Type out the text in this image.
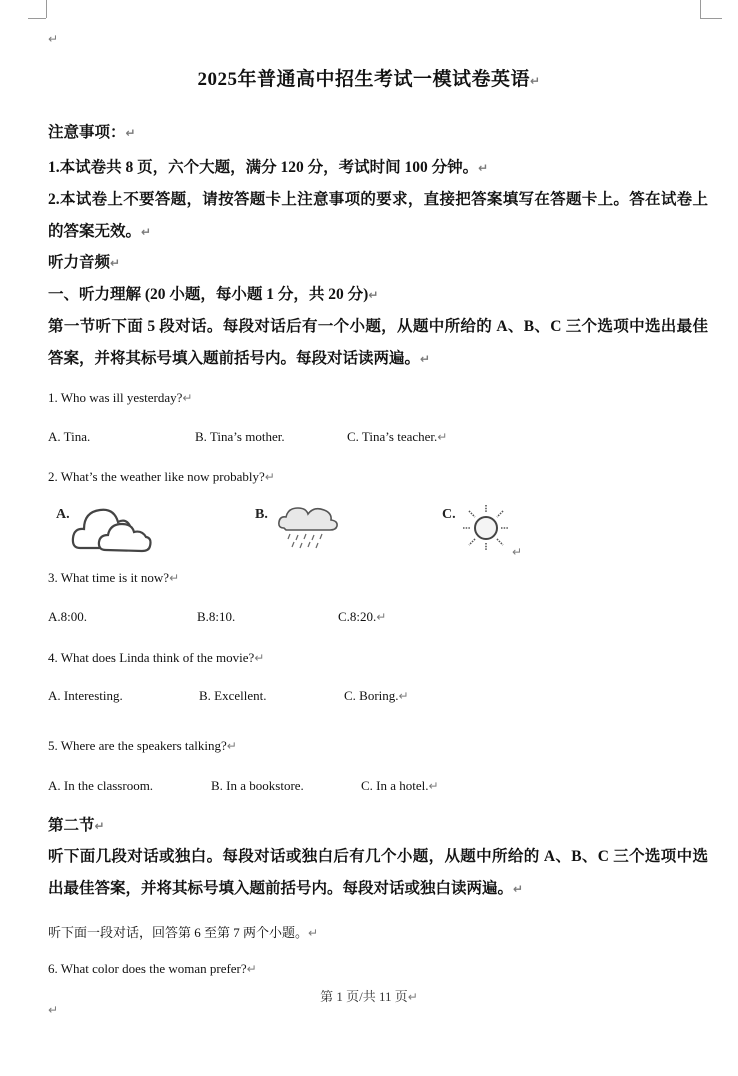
↵
2025年普通高中招生考试一模试卷英语↵
注意事项：↵
1.本试卷共 8 页，六个大题，满分 120 分，考试时间 100 分钟。↵
2.本试卷上不要答题，请按答题卡上注意事项的要求，直接把答案填写在答题卡上。答在试卷上的答案无效。↵
听力音频↵
一、听力理解 (20 小题，每小题 1 分，共 20 分)↵
第一节听下面 5 段对话。每段对话后有一个小题，从题中所给的 A、B、C 三个选项中选出最佳答案，并将其标号填入题前括号内。每段对话读两遍。↵
1. Who was ill yesterday?↵
A. Tina.	B. Tina’s mother.	C. Tina’s teacher.↵
2. What’s the weather like now probably?↵
A.	B.	C.
↵
3. What time is it now?↵
A.8:00.	B.8:10.	C.8:20.↵
4. What does Linda think of the movie?↵
A. Interesting.	B. Excellent.	C. Boring.↵
5. Where are the speakers talking?↵
A. In the classroom.	B. In a bookstore.	C. In a hotel.↵
第二节↵
听下面几段对话或独白。每段对话或独白后有几个小题，从题中所给的 A、B、C 三个选项中选出最佳答案，并将其标号填入题前括号内。每段对话或独白读两遍。↵
听下面一段对话，回答第 6 至第 7 两个小题。↵
6. What color does the woman prefer?↵
第 1 页/共 11 页↵
↵
